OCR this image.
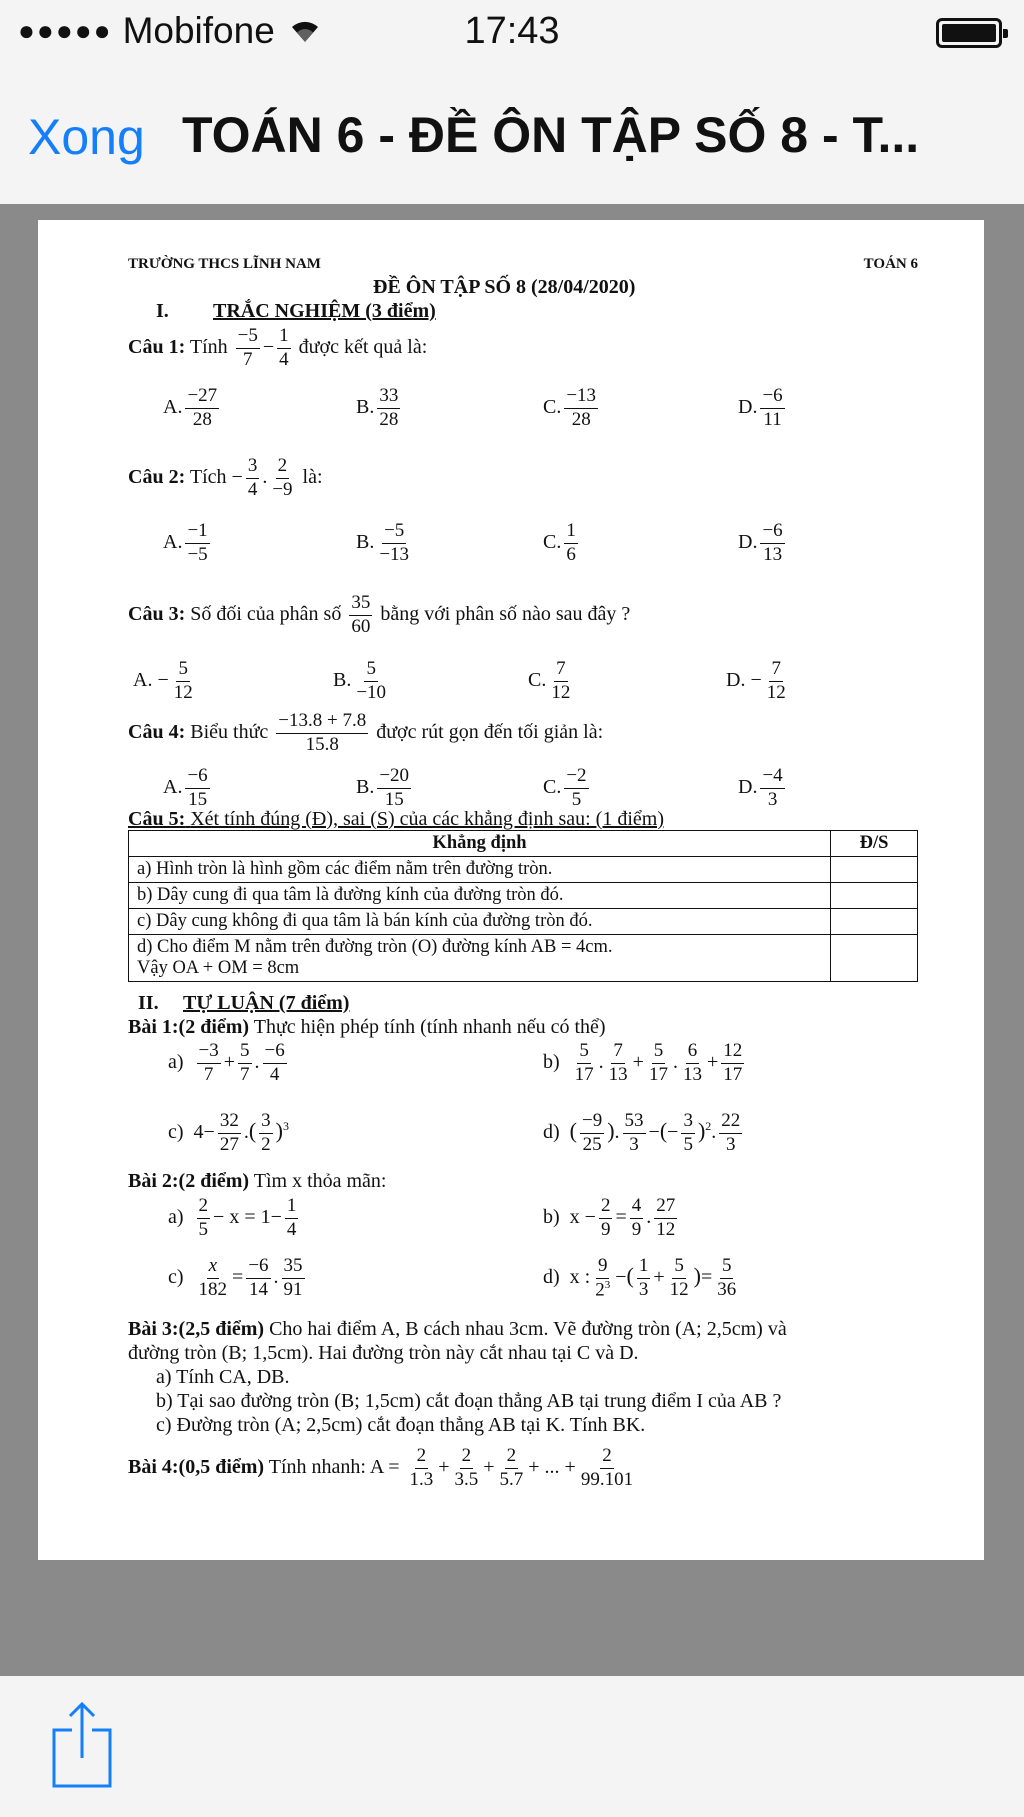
●●●●● Mobifone	17:43
Xong TOÁN 6 - ĐỀ ÔN TẬP SỐ 8 - T...
TRƯỜNG THCS LĨNH NAM	TOÁN 6
ĐỀ ÔN TẬP SỐ 8 (28/04/2020)
I. TRẮC NGHIỆM (3 điểm)
Câu 1: Tính $\frac{-5}{7} - \frac{1}{4}$ được kết quả là:
A. $\frac{-27}{28}$	B. $\frac{33}{28}$	C. $\frac{-13}{28}$	D. $\frac{-6}{11}$
Câu 2: Tích − $\frac{3}{4}$ . $\frac{2}{-9}$ là:
A. $\frac{-1}{-5}$	B. $\frac{-5}{-13}$	C. $\frac{1}{6}$	D. $\frac{-6}{13}$
Câu 3: Số đối của phân số $\frac{35}{60}$ bằng với phân số nào sau đây ?
A. − $\frac{5}{12}$	B. $\frac{5}{-10}$	C. $\frac{7}{12}$	D. − $\frac{7}{12}$
Câu 4: Biểu thức $\frac{-13.8 + 7.8}{15.8}$ được rút gọn đến tối giản là:
A. $\frac{-6}{15}$	B. $\frac{-20}{15}$	C. $\frac{-2}{5}$	D. $\frac{-4}{3}$
Câu 5: Xét tính đúng (Đ), sai (S) của các khẳng định sau: (1 điểm)
Khẳng định	Đ/S
a) Hình tròn là hình gồm các điểm nằm trên đường tròn.	
b) Dây cung đi qua tâm là đường kính của đường tròn đó.	
c) Dây cung không đi qua tâm là bán kính của đường tròn đó.	

d) Cho điểm M nằm trên đường tròn (O) đường kính AB = 4cm.
Vậy OA + OM = 8cm	

II. TỰ LUẬN (7 điểm)
Bài 1:(2 điểm) Thực hiện phép tính (tính nhanh nếu có thể)
$a) \frac{-3}{7} + \frac{5}{7}$ . $\frac{-6}{4}$	$b) \frac{5}{17}$ . $\frac{7}{13} + \frac{5}{17}$ . $\frac{6}{13} + \frac{12}{17}$
c)  $4- \frac{32}{27}$ .( $\frac{3}{2} )^3$	d) ( $\frac{-9}{25}$ ). $\frac{53}{3}$ −(− $\frac{3}{5} )^2$. $\frac{22}{3}$
Bài 2:(2 điểm) Tìm x thỏa mãn:
$a) \frac{2}{5} - x = 1- \frac{1}{4}$	b)  $x - \frac{2}{9} = \frac{4}{9}$ . $\frac{27}{12}$
$c) \frac{x}{182} = \frac{-6}{14}$ . $\frac{35}{91}$	d)  x : $\frac{9}{2^3}$ −( $\frac{1}{3} + \frac{5}{12}$ )= $\frac{5}{36}$
Bài 3:(2,5 điểm) Cho hai điểm A, B cách nhau 3cm. Vẽ đường tròn (A; 2,5cm) và
đường tròn (B; 1,5cm). Hai đường tròn này cắt nhau tại C và D.
a) Tính CA, DB.
b) Tại sao đường tròn (B; 1,5cm) cắt đoạn thẳng AB tại trung điểm I của AB ?
c) Đường tròn (A; 2,5cm) cắt đoạn thẳng AB tại K. Tính BK.
Bài 4:(0,5 điểm) Tính nhanh: $A = \frac{2}{1.3} + \frac{2}{3.5} + \frac{2}{5.7}$ + ... + $\frac{2}{99.101}$
